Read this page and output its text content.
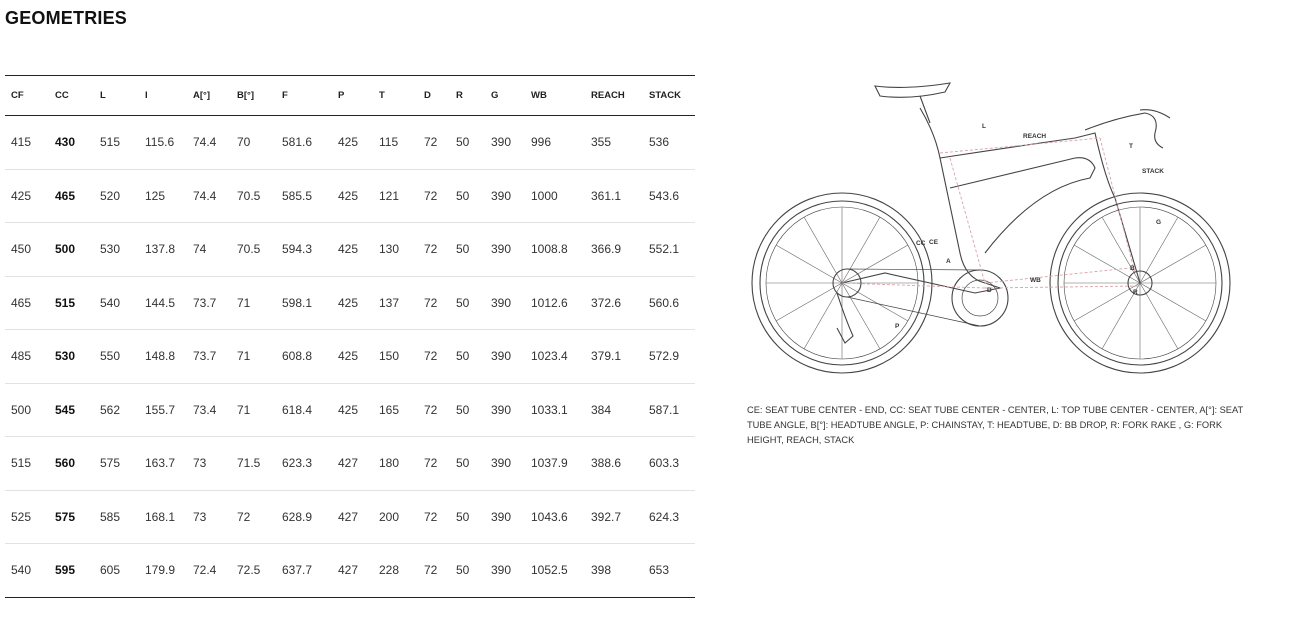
GEOMETRIES
CF	CC	L	I	A[°]	B[°]	F	P	T	D	R	G	WB	REACH	STACK
415	430	515	115.6	74.4	70	581.6	425	115	72	50	390	996	355	536
425	465	520	125	74.4	70.5	585.5	425	121	72	50	390	1000	361.1	543.6
450	500	530	137.8	74	70.5	594.3	425	130	72	50	390	1008.8	366.9	552.1
465	515	540	144.5	73.7	71	598.1	425	137	72	50	390	1012.6	372.6	560.6
485	530	550	148.8	73.7	71	608.8	425	150	72	50	390	1023.4	379.1	572.9
500	545	562	155.7	73.4	71	618.4	425	165	72	50	390	1033.1	384	587.1
515	560	575	163.7	73	71.5	623.3	427	180	72	50	390	1037.9	388.6	603.3
525	575	585	168.1	73	72	628.9	427	200	72	50	390	1043.6	392.7	624.3
540	595	605	179.9	72.4	72.5	637.7	427	228	72	50	390	1052.5	398	653
L
REACH
T
STACK
G
CC CE
A
B
D
WB
P
R
CE: SEAT TUBE CENTER - END, CC: SEAT TUBE CENTER - CENTER, L: TOP TUBE CENTER - CENTER, A[°]: SEAT TUBE ANGLE, B[°]: HEADTUBE ANGLE, P: CHAINSTAY, T: HEADTUBE, D: BB DROP, R: FORK RAKE , G: FORK HEIGHT, REACH, STACK
